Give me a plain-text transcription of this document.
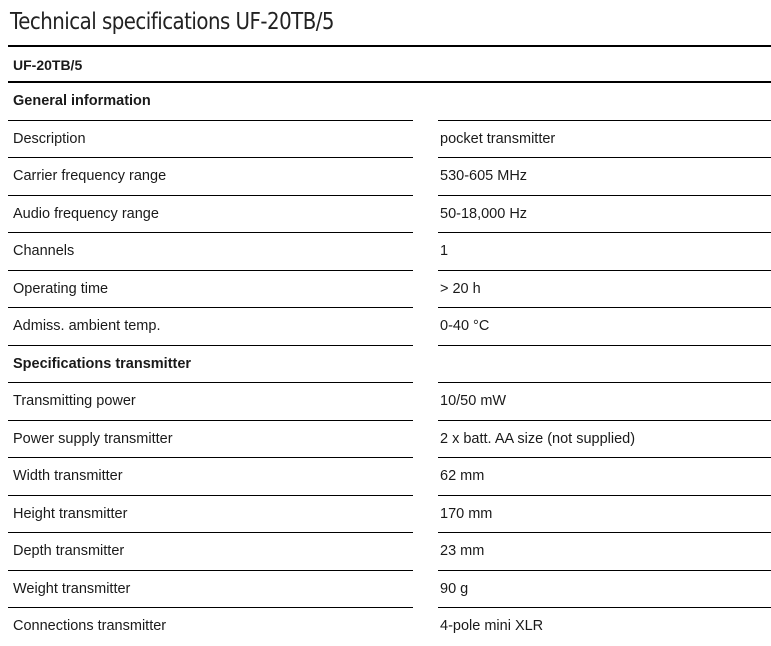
Technical specifications UF-20TB/5
UF-20TB/5
General information
Description	pocket transmitter
Carrier frequency range	530-605 MHz
Audio frequency range	50-18,000 Hz
Channels	1
Operating time	> 20 h
Admiss. ambient temp.	0-40 °C
Specifications transmitter
Transmitting power	10/50 mW
Power supply transmitter	2 x batt. AA size (not supplied)
Width transmitter	62 mm
Height transmitter	170 mm
Depth transmitter	23 mm
Weight transmitter	90 g
Connections transmitter	4-pole mini XLR
